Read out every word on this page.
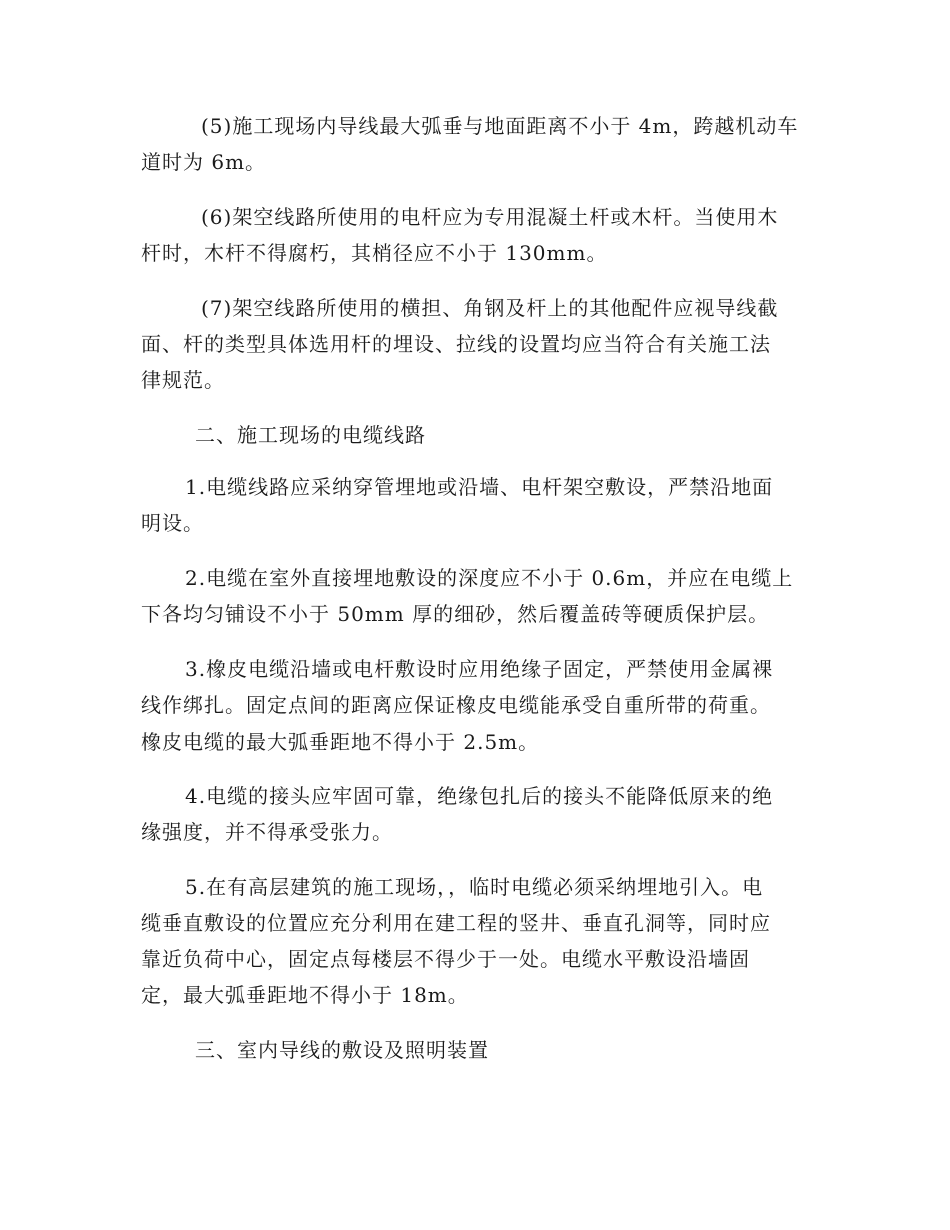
(5)施工现场内导线最大弧垂与地面距离不小于 4m，跨越机动车
道时为 6m。
(6)架空线路所使用的电杆应为专用混凝土杆或木杆。当使用木
杆时，木杆不得腐朽，其梢径应不小于 130mm。
(7)架空线路所使用的横担、角钢及杆上的其他配件应视导线截
面、杆的类型具体选用杆的埋设、拉线的设置均应当符合有关施工法
律规范。
二、施工现场的电缆线路
1.电缆线路应采纳穿管埋地或沿墙、电杆架空敷设，严禁沿地面
明设。
2.电缆在室外直接埋地敷设的深度应不小于 0.6m，并应在电缆上
下各均匀铺设不小于 50mm 厚的细砂，然后覆盖砖等硬质保护层。
3.橡皮电缆沿墙或电杆敷设时应用绝缘子固定，严禁使用金属裸
线作绑扎。固定点间的距离应保证橡皮电缆能承受自重所带的荷重。
橡皮电缆的最大弧垂距地不得小于 2.5m。
4.电缆的接头应牢固可靠，绝缘包扎后的接头不能降低原来的绝
缘强度，并不得承受张力。
5.在有高层建筑的施工现场，，临时电缆必须采纳埋地引入。电
缆垂直敷设的位置应充分利用在建工程的竖井、垂直孔洞等，同时应
靠近负荷中心，固定点每楼层不得少于一处。电缆水平敷设沿墙固
定，最大弧垂距地不得小于 18m。
三、室内导线的敷设及照明装置
